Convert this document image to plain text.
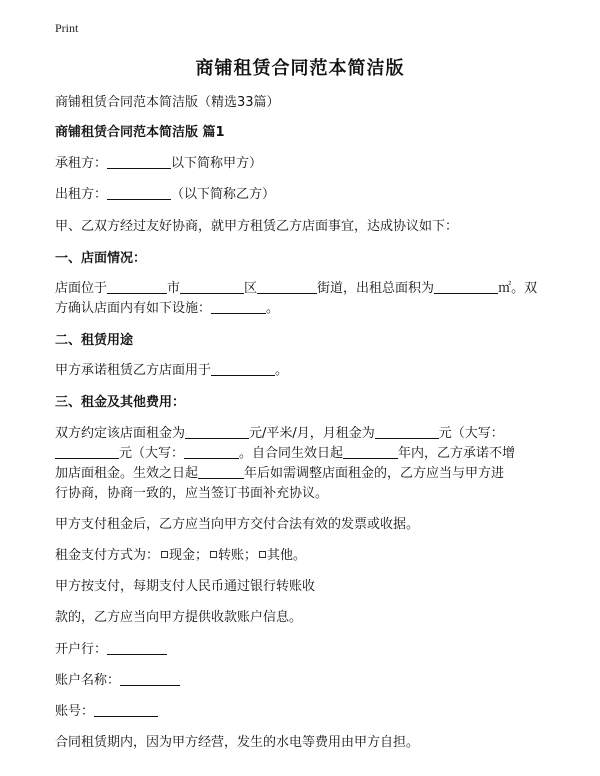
Print
商铺租赁合同范本简洁版
商铺租赁合同范本简洁版（精选33篇）
商铺租赁合同范本简洁版 篇1
承租方：	以下简称甲方）
出租方：	（以下简称乙方）
甲、乙双方经过友好协商，就甲方租赁乙方店面事宜，达成协议如下：
一、店面情况：
店面位于	市	区	街道，出租总面积为	㎡。双
方确认店面内有如下设施：	。
二、租赁用途
甲方承诺租赁乙方店面用于	。
三、租金及其他费用：
双方约定该店面租金为	元/平米/月，月租金为	元（大写：
元（大写：	。自合同生效日起	年内，乙方承诺不增
加店面租金。生效之日起	年后如需调整店面租金的，乙方应当与甲方进
行协商，协商一致的，应当签订书面补充协议。
甲方支付租金后，乙方应当向甲方交付合法有效的发票或收据。
租金支付方式为： 现金； 转账； 其他。
甲方按支付，每期支付人民币通过银行转账收
款的，乙方应当向甲方提供收款账户信息。
开户行：
账户名称：
账号：
合同租赁期内，因为甲方经营，发生的水电等费用由甲方自担。
